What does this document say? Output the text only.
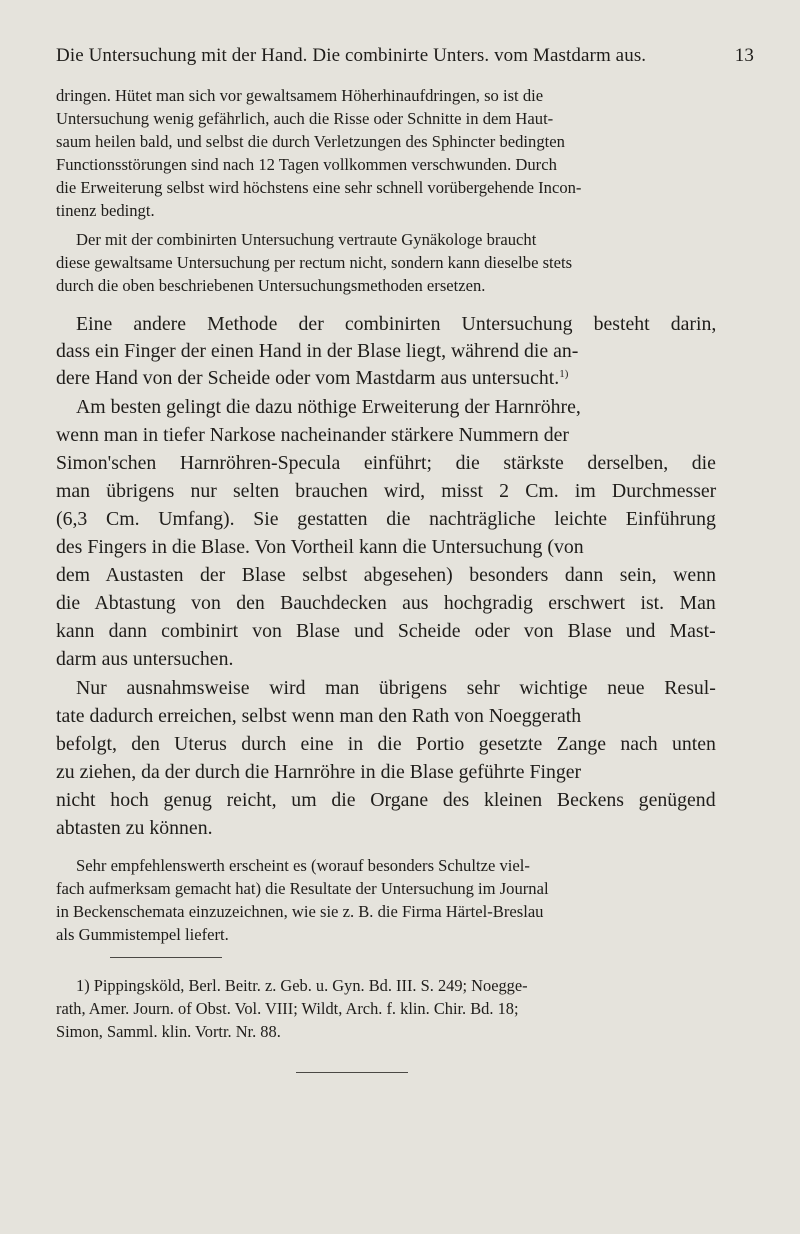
Die Untersuchung mit der Hand. Die combinirte Unters. vom Mastdarm aus.	13
dringen. Hütet man sich vor gewaltsamem Höherhinaufdringen, so ist die
Untersuchung wenig gefährlich, auch die Risse oder Schnitte in dem Haut-
saum heilen bald, und selbst die durch Verletzungen des Sphincter bedingten
Functionsstörungen sind nach 12 Tagen vollkommen verschwunden. Durch
die Erweiterung selbst wird höchstens eine sehr schnell vorübergehende Incon-
tinenz bedingt.
Der mit der combinirten Untersuchung vertraute Gynäkologe braucht
diese gewaltsame Untersuchung per rectum nicht, sondern kann dieselbe stets
durch die oben beschriebenen Untersuchungsmethoden ersetzen.
Eine andere Methode der combinirten Untersuchung besteht darin,
dass ein Finger der einen Hand in der Blase liegt, während die an-
dere Hand von der Scheide oder vom Mastdarm aus untersucht.$^{1)}$
Am besten gelingt die dazu nöthige Erweiterung der Harnröhre,
wenn man in tiefer Narkose nacheinander stärkere Nummern der
Simon'schen Harnröhren-Specula einführt; die stärkste derselben, die
man übrigens nur selten brauchen wird, misst 2 Cm. im Durchmesser
(6,3 Cm. Umfang). Sie gestatten die nachträgliche leichte Einführung
des Fingers in die Blase. Von Vortheil kann die Untersuchung (von
dem Austasten der Blase selbst abgesehen) besonders dann sein, wenn
die Abtastung von den Bauchdecken aus hochgradig erschwert ist. Man
kann dann combinirt von Blase und Scheide oder von Blase und Mast-
darm aus untersuchen.
Nur ausnahmsweise wird man übrigens sehr wichtige neue Resul-
tate dadurch erreichen, selbst wenn man den Rath von Noeggerath
befolgt, den Uterus durch eine in die Portio gesetzte Zange nach unten
zu ziehen, da der durch die Harnröhre in die Blase geführte Finger
nicht hoch genug reicht, um die Organe des kleinen Beckens genügend
abtasten zu können.
Sehr empfehlenswerth erscheint es (worauf besonders Schultze viel-
fach aufmerksam gemacht hat) die Resultate der Untersuchung im Journal
in Beckenschemata einzuzeichnen, wie sie z. B. die Firma Härtel-Breslau
als Gummistempel liefert.
1) Pippingsköld, Berl. Beitr. z. Geb. u. Gyn. Bd. III. S. 249; Noegge-
rath, Amer. Journ. of Obst. Vol. VIII; Wildt, Arch. f. klin. Chir. Bd. 18;
Simon, Samml. klin. Vortr. Nr. 88.
